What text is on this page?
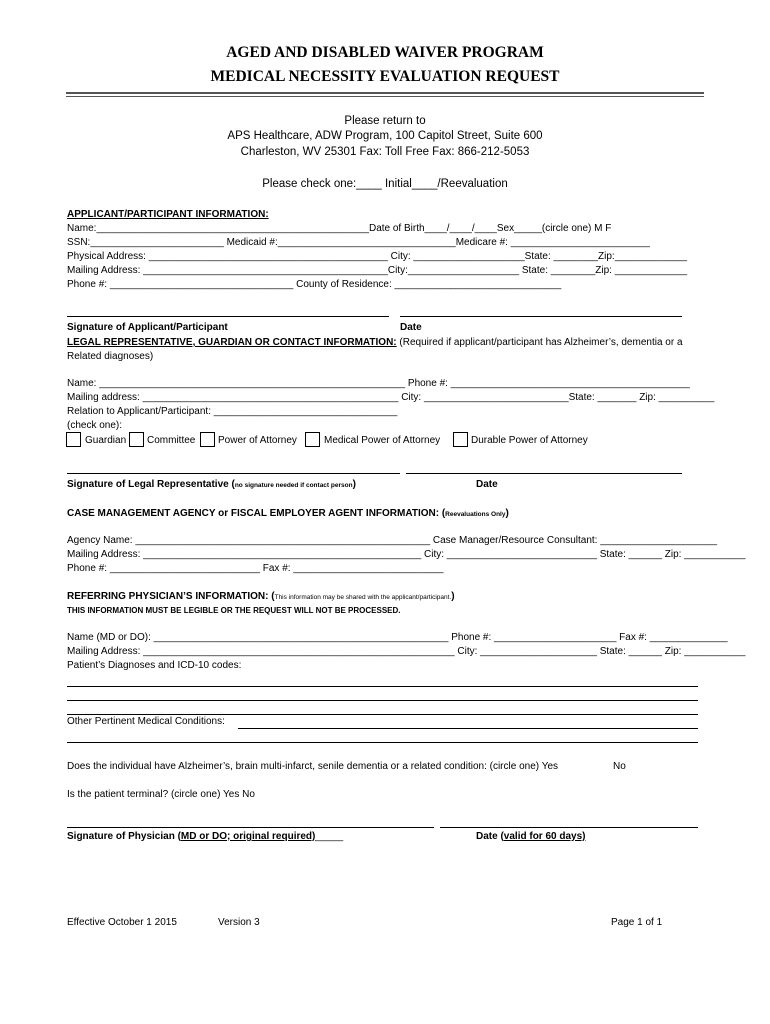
AGED AND DISABLED WAIVER PROGRAM
MEDICAL NECESSITY EVALUATION REQUEST
Please return to
APS Healthcare, ADW Program, 100 Capitol Street, Suite 600
Charleston, WV 25301 Fax: Toll Free Fax: 866-212-5053
Please check one:____ Initial____/Reevaluation
APPLICANT/PARTICIPANT INFORMATION:
Name:_________________________________________________Date of Birth____/____/____Sex_____(circle one) M F
SSN:________________________ Medicaid #:________________________________Medicare #: _________________________
Physical Address: ___________________________________________ City: ____________________State: ________Zip:_____________
Mailing Address: ____________________________________________City:____________________ State: ________Zip: _____________
Phone #: _________________________________ County of Residence: ______________________________
Signature of Applicant/Participant	Date
LEGAL REPRESENTATIVE, GUARDIAN OR CONTACT INFORMATION: (Required if applicant/participant has Alzheimer’s, dementia or a Related diagnoses)
Name: _______________________________________________________ Phone #: ___________________________________________
Mailing address: ______________________________________________ City: __________________________State: _______ Zip: __________
Relation to Applicant/Participant: _________________________________
(check one):
Guardian Committee Power of Attorney	Medical Power of Attorney	Durable Power of Attorney
Signature of Legal Representative (no signature needed if contact person)	Date
CASE MANAGEMENT AGENCY or FISCAL EMPLOYER AGENT INFORMATION: (Reevaluations Only)
Agency Name: _____________________________________________________ Case Manager/Resource Consultant: _____________________
Mailing Address: __________________________________________________ City: ___________________________ State: ______ Zip: ___________
Phone #: ___________________________ Fax #: ___________________________
REFERRING PHYSICIAN’S INFORMATION: (This information may be shared with the applicant/participant.)
THIS INFORMATION MUST BE LEGIBLE OR THE REQUEST WILL NOT BE PROCESSED.
Name (MD or DO): _____________________________________________________ Phone #: ______________________ Fax #: ______________
Mailing Address: ________________________________________________________ City: _____________________ State: ______ Zip: ___________
Patient’s Diagnoses and ICD-10 codes:
Other Pertinent Medical Conditions:
Does the individual have Alzheimer’s, brain multi-infarct, senile dementia or a related condition: (circle one) Yes	No
Is the patient terminal? (circle one) Yes No
Signature of Physician (MD or DO; original required)_____	Date (valid for 60 days)
Effective October 1 2015	Version 3	Page 1 of 1
